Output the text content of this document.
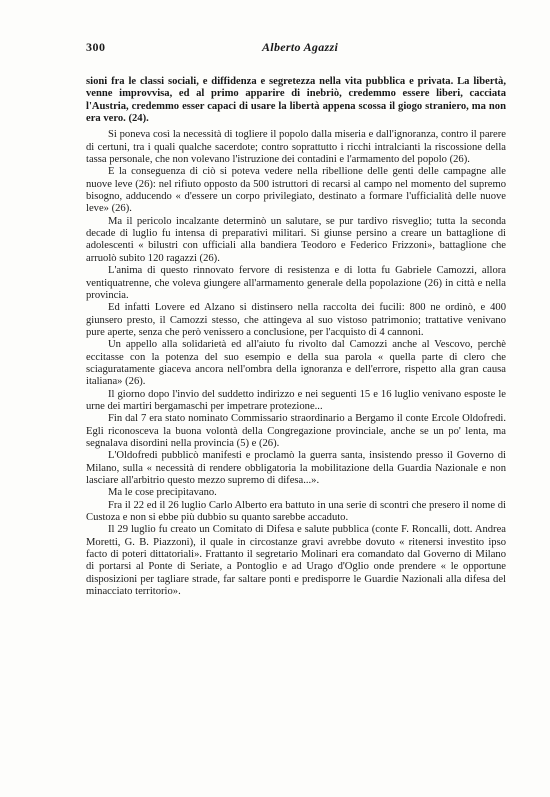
300	Alberto Agazzi

sioni fra le classi sociali, e diffidenza e segretezza nella vita pubblica e privata. La libertà, venne improvvisa, ed al primo apparire di inebriò, credemmo essere liberi, cacciata l'Austria, credemmo esser capaci di usare la libertà appena scossa il giogo straniero, ma non era vero. (24).

Si poneva così la necessità di togliere il popolo dalla miseria e dall'ignoranza, contro il parere di certuni, tra i quali qualche sacerdote; contro soprattutto i ricchi intralcianti la riscossione della tassa personale, che non volevano l'istruzione dei contadini e l'armamento del popolo (26).

E la conseguenza di ciò si poteva vedere nella ribellione delle genti delle campagne alle nuove leve (26): nel rifiuto opposto da 500 istruttori di recarsi al campo nel momento del supremo bisogno, adducendo « d'essere un corpo privilegiato, destinato a formare l'ufficialità delle nuove leve» (26).

Ma il pericolo incalzante determinò un salutare, se pur tardivo risveglio; tutta la seconda decade di luglio fu intensa di preparativi militari. Si giunse persino a creare un battaglione di adolescenti « bilustri con ufficiali alla bandiera Teodoro e Federico Frizzoni», battaglione che arruolò subito 120 ragazzi (26).

L'anima di questo rinnovato fervore di resistenza e di lotta fu Gabriele Camozzi, allora ventiquatrenne, che voleva giungere all'armamento generale della popolazione (26) in città e nella provincia.

Ed infatti Lovere ed Alzano si distinsero nella raccolta dei fucili: 800 ne ordinò, e 400 giunsero presto, il Camozzi stesso, che attingeva al suo vistoso patrimonio; trattative venivano pure aperte, senza che però venissero a conclusione, per l'acquisto di 4 cannoni.

Un appello alla solidarietà ed all'aiuto fu rivolto dal Camozzi anche al Vescovo, perchè eccitasse con la potenza del suo esempio e della sua parola « quella parte di clero che sciaguratamente giaceva ancora nell'ombra della ignoranza e dell'errore, rispetto alla gran causa italiana» (26).

Il giorno dopo l'invio del suddetto indirizzo e nei seguenti 15 e 16 luglio venivano esposte le urne dei martiri bergamaschi per impetrare protezione...

Fin dal 7 era stato nominato Commissario straordinario a Bergamo il conte Ercole Oldofredi. Egli riconosceva la buona volontà della Congregazione provinciale, anche se un po' lenta, ma segnalava disordini nella provincia (5) e (26).

L'Oldofredi pubblicò manifesti e proclamò la guerra santa, insistendo presso il Governo di Milano, sulla « necessità di rendere obbligatoria la mobilitazione della Guardia Nazionale e non lasciare all'arbitrio questo mezzo supremo di difesa...».

Ma le cose precipitavano.

Fra il 22 ed il 26 luglio Carlo Alberto era battuto in una serie di scontri che presero il nome di Custoza e non si ebbe più dubbio su quanto sarebbe accaduto.

Il 29 luglio fu creato un Comitato di Difesa e salute pubblica (conte F. Roncalli, dott. Andrea Moretti, G. B. Piazzoni), il quale in circostanze gravi avrebbe dovuto « ritenersi investito ipso facto di poteri dittatoriali». Frattanto il segretario Molinari era comandato dal Governo di Milano di portarsi al Ponte di Seriate, a Pontoglio e ad Urago d'Oglio onde prendere « le opportune disposizioni per tagliare strade, far saltare ponti e predisporre le Guardie Nazionali alla difesa del minacciato territorio».
